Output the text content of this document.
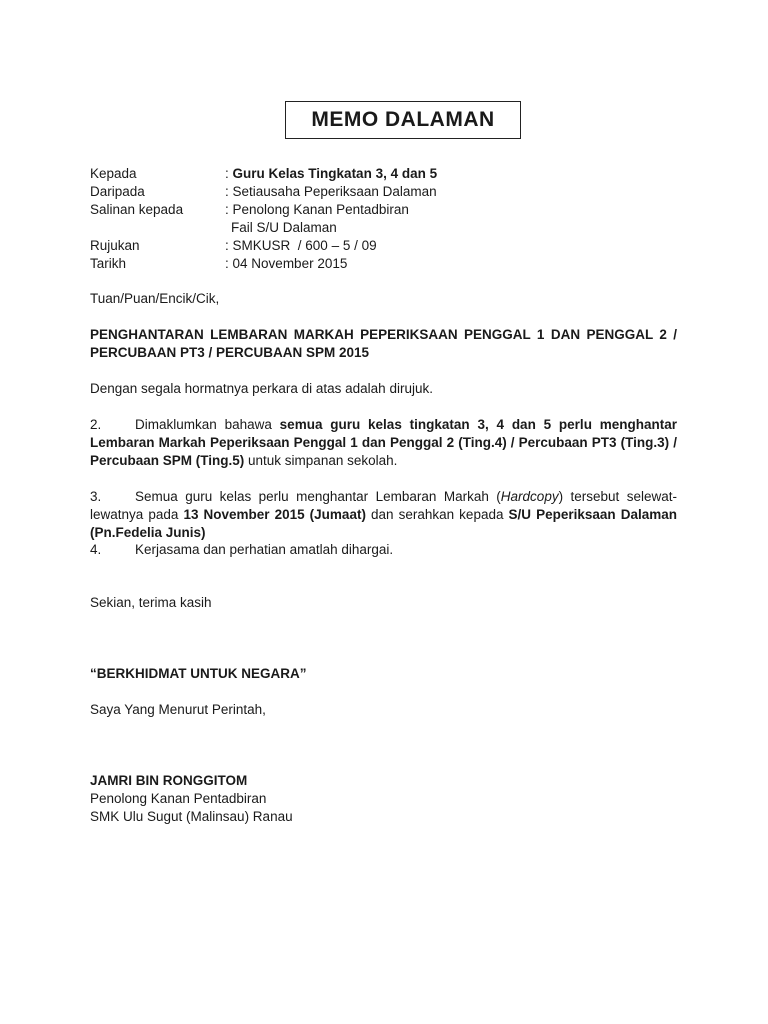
MEMO DALAMAN
Kepada	: Guru Kelas Tingkatan 3, 4 dan 5
Daripada	: Setiausaha Peperiksaan Dalaman
Salinan kepada	: Penolong Kanan Pentadbiran
Fail S/U Dalaman
Rujukan	: SMKUSR  / 600 – 5 / 09
Tarikh	: 04 November 2015
Tuan/Puan/Encik/Cik,
PENGHANTARAN LEMBARAN MARKAH PEPERIKSAAN PENGGAL 1 DAN PENGGAL 2 / PERCUBAAN PT3 / PERCUBAAN SPM 2015
Dengan segala hormatnya perkara di atas adalah dirujuk.
2. Dimaklumkan bahawa semua guru kelas tingkatan 3, 4 dan 5 perlu menghantar Lembaran Markah Peperiksaan Penggal 1 dan Penggal 2 (Ting.4) / Percubaan PT3 (Ting.3) / Percubaan SPM (Ting.5) untuk simpanan sekolah.
3. Semua guru kelas perlu menghantar Lembaran Markah (Hardcopy) tersebut selewat-lewatnya pada 13 November 2015 (Jumaat) dan serahkan kepada S/U Peperiksaan Dalaman (Pn.Fedelia Junis)
4. Kerjasama dan perhatian amatlah dihargai.
Sekian, terima kasih
“BERKHIDMAT UNTUK NEGARA”
Saya Yang Menurut Perintah,
JAMRI BIN RONGGITOM
Penolong Kanan Pentadbiran
SMK Ulu Sugut (Malinsau) Ranau
